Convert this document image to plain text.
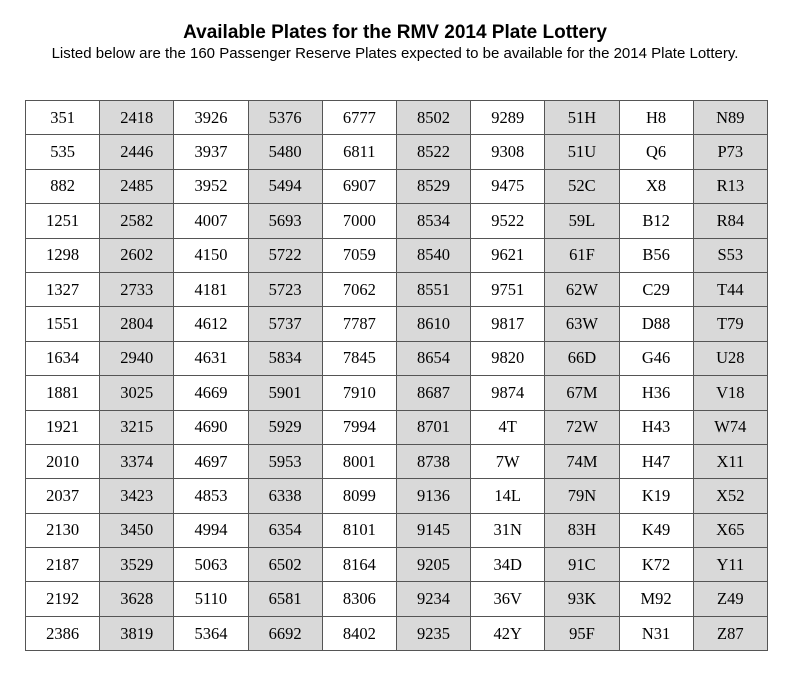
Available Plates for the RMV 2014 Plate Lottery
Listed below are the 160 Passenger Reserve Plates expected to be available for the 2014 Plate Lottery.
351	2418	3926	5376	6777	8502	9289	51H	H8	N89
535	2446	3937	5480	6811	8522	9308	51U	Q6	P73
882	2485	3952	5494	6907	8529	9475	52C	X8	R13
1251	2582	4007	5693	7000	8534	9522	59L	B12	R84
1298	2602	4150	5722	7059	8540	9621	61F	B56	S53
1327	2733	4181	5723	7062	8551	9751	62W	C29	T44
1551	2804	4612	5737	7787	8610	9817	63W	D88	T79
1634	2940	4631	5834	7845	8654	9820	66D	G46	U28
1881	3025	4669	5901	7910	8687	9874	67M	H36	V18
1921	3215	4690	5929	7994	8701	4T	72W	H43	W74
2010	3374	4697	5953	8001	8738	7W	74M	H47	X11
2037	3423	4853	6338	8099	9136	14L	79N	K19	X52
2130	3450	4994	6354	8101	9145	31N	83H	K49	X65
2187	3529	5063	6502	8164	9205	34D	91C	K72	Y11
2192	3628	5110	6581	8306	9234	36V	93K	M92	Z49
2386	3819	5364	6692	8402	9235	42Y	95F	N31	Z87
